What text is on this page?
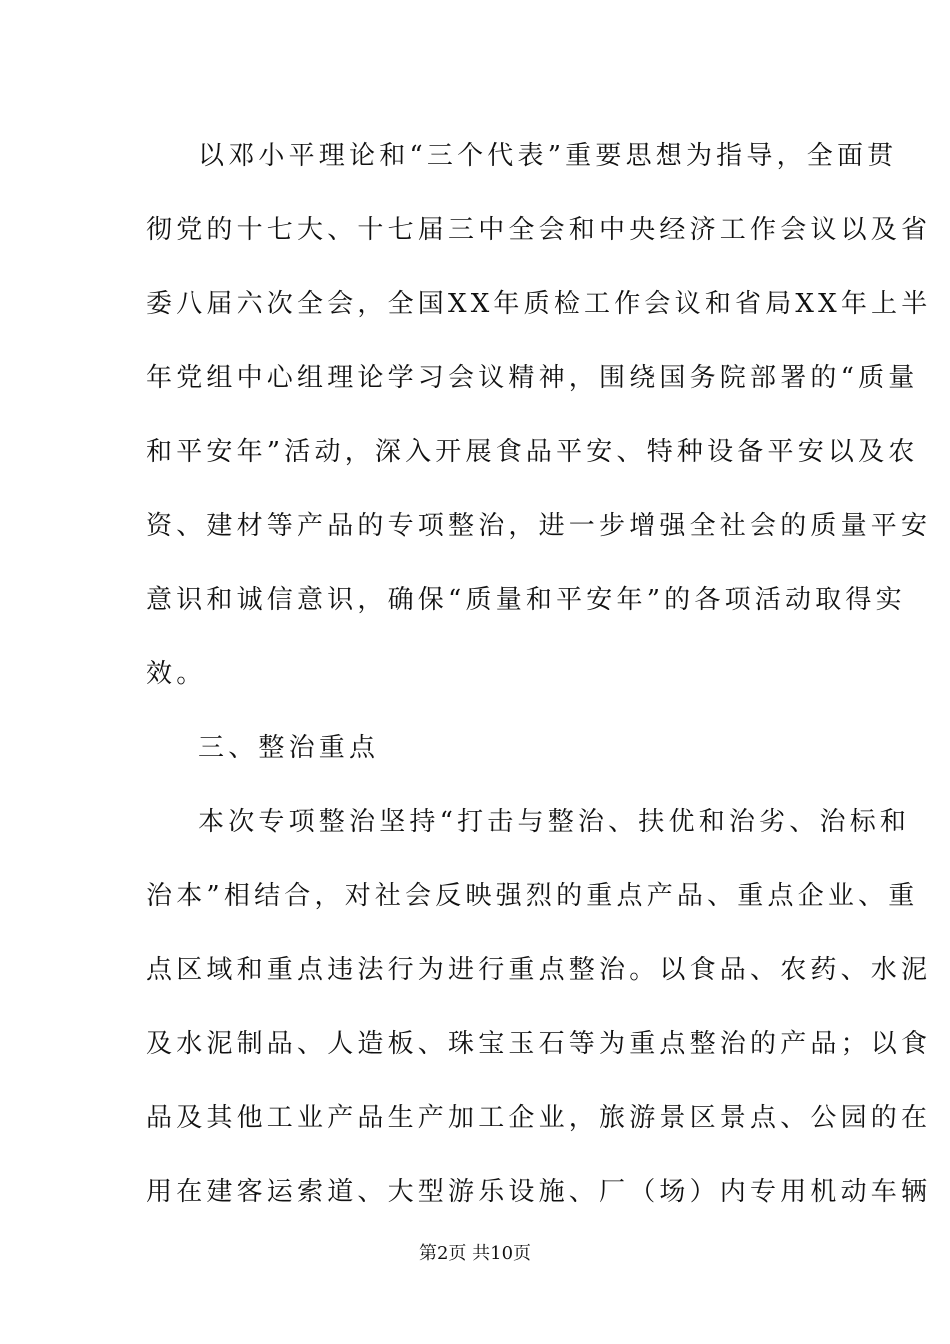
以邓小平理论和“三个代表”重要思想为指导，全面贯
彻党的十七大、十七届三中全会和中央经济工作会议以及省
委八届六次全会，全国XX年质检工作会议和省局XX年上半
年党组中心组理论学习会议精神，围绕国务院部署的“质量
和平安年”活动，深入开展食品平安、特种设备平安以及农
资、建材等产品的专项整治，进一步增强全社会的质量平安
意识和诚信意识，确保“质量和平安年”的各项活动取得实
效。
三、整治重点
本次专项整治坚持“打击与整治、扶优和治劣、治标和
治本”相结合，对社会反映强烈的重点产品、重点企业、重
点区域和重点违法行为进行重点整治。以食品、农药、水泥
及水泥制品、人造板、珠宝玉石等为重点整治的产品；以食
品及其他工业产品生产加工企业，旅游景区景点、公园的在
用在建客运索道、大型游乐设施、厂（场）内专用机动车辆
第2页 共10页
